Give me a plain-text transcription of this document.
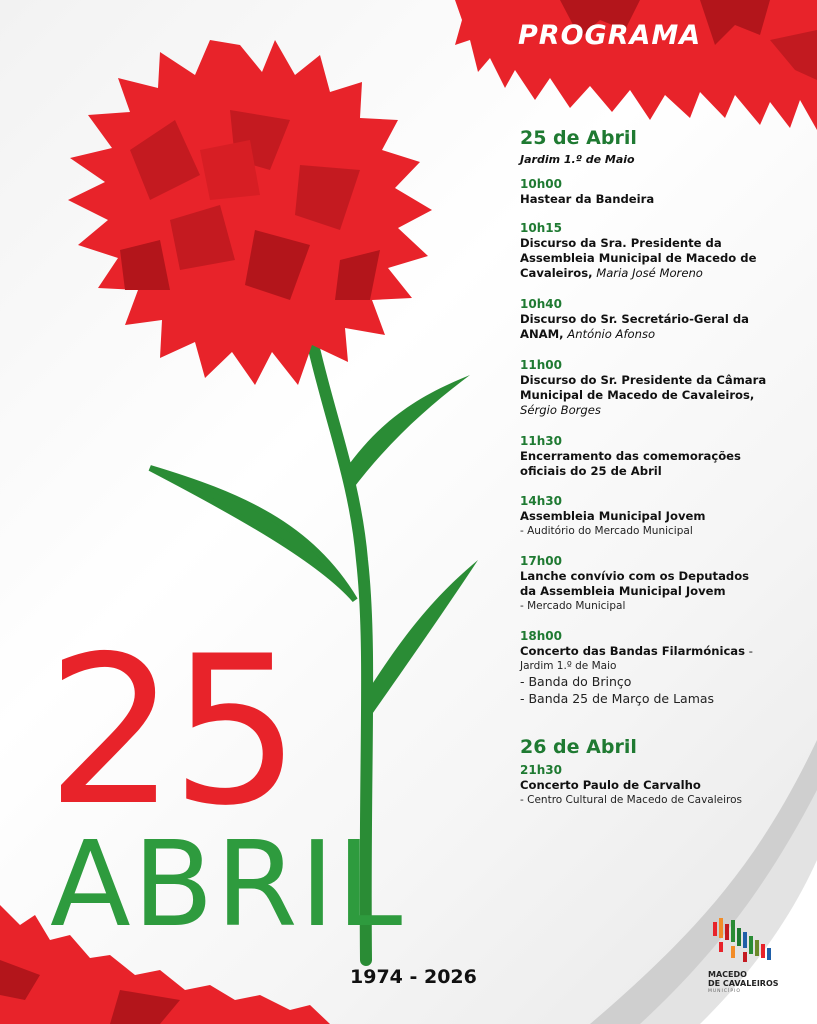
PROGRAMA
25 de Abril
Jardim 1.º de Maio
10h00
Hastear da Bandeira
10h15
Discurso da Sra. Presidente da
Assembleia Municipal de Macedo de
Cavaleiros, Maria José Moreno
10h40
Discurso do Sr. Secretário-Geral da
ANAM, António Afonso
11h00
Discurso do Sr. Presidente da Câmara
Municipal de Macedo de Cavaleiros,
Sérgio Borges
11h30
Encerramento das comemorações
oficiais do 25 de Abril
14h30
Assembleia Municipal Jovem
- Auditório do Mercado Municipal
17h00
Lanche convívio com os Deputados
da Assembleia Municipal Jovem
- Mercado Municipal
18h00
Concerto das Bandas Filarmónicas -
Jardim 1.º de Maio
- Banda do Brinço
- Banda 25 de Março de Lamas
26 de Abril
21h30
Concerto Paulo de Carvalho
- Centro Cultural de Macedo de Cavaleiros
25
ABRIL
1974 - 2026	MACEDO
DE CAVALEIROS
MUNICÍPIO
